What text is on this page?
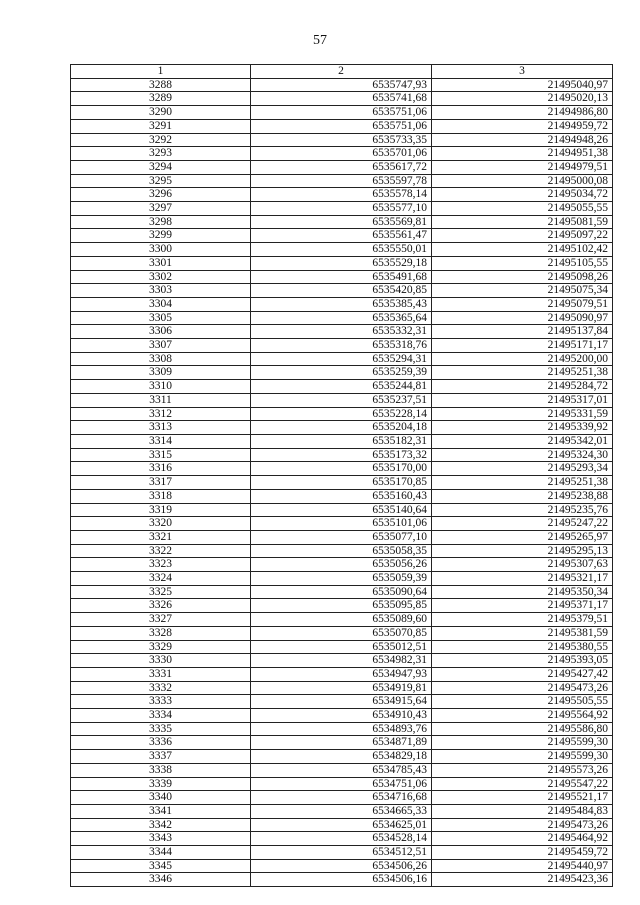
57
1	2	3
3288	6535747,93	21495040,97
3289	6535741,68	21495020,13
3290	6535751,06	21494986,80
3291	6535751,06	21494959,72
3292	6535733,35	21494948,26
3293	6535701,06	21494951,38
3294	6535617,72	21494979,51
3295	6535597,78	21495000,08
3296	6535578,14	21495034,72
3297	6535577,10	21495055,55
3298	6535569,81	21495081,59
3299	6535561,47	21495097,22
3300	6535550,01	21495102,42
3301	6535529,18	21495105,55
3302	6535491,68	21495098,26
3303	6535420,85	21495075,34
3304	6535385,43	21495079,51
3305	6535365,64	21495090,97
3306	6535332,31	21495137,84
3307	6535318,76	21495171,17
3308	6535294,31	21495200,00
3309	6535259,39	21495251,38
3310	6535244,81	21495284,72
3311	6535237,51	21495317,01
3312	6535228,14	21495331,59
3313	6535204,18	21495339,92
3314	6535182,31	21495342,01
3315	6535173,32	21495324,30
3316	6535170,00	21495293,34
3317	6535170,85	21495251,38
3318	6535160,43	21495238,88
3319	6535140,64	21495235,76
3320	6535101,06	21495247,22
3321	6535077,10	21495265,97
3322	6535058,35	21495295,13
3323	6535056,26	21495307,63
3324	6535059,39	21495321,17
3325	6535090,64	21495350,34
3326	6535095,85	21495371,17
3327	6535089,60	21495379,51
3328	6535070,85	21495381,59
3329	6535012,51	21495380,55
3330	6534982,31	21495393,05
3331	6534947,93	21495427,42
3332	6534919,81	21495473,26
3333	6534915,64	21495505,55
3334	6534910,43	21495564,92
3335	6534893,76	21495586,80
3336	6534871,89	21495599,30
3337	6534829,18	21495599,30
3338	6534785,43	21495573,26
3339	6534751,06	21495547,22
3340	6534716,68	21495521,17
3341	6534665,33	21495484,83
3342	6534625,01	21495473,26
3343	6534528,14	21495464,92
3344	6534512,51	21495459,72
3345	6534506,26	21495440,97
3346	6534506,16	21495423,36
